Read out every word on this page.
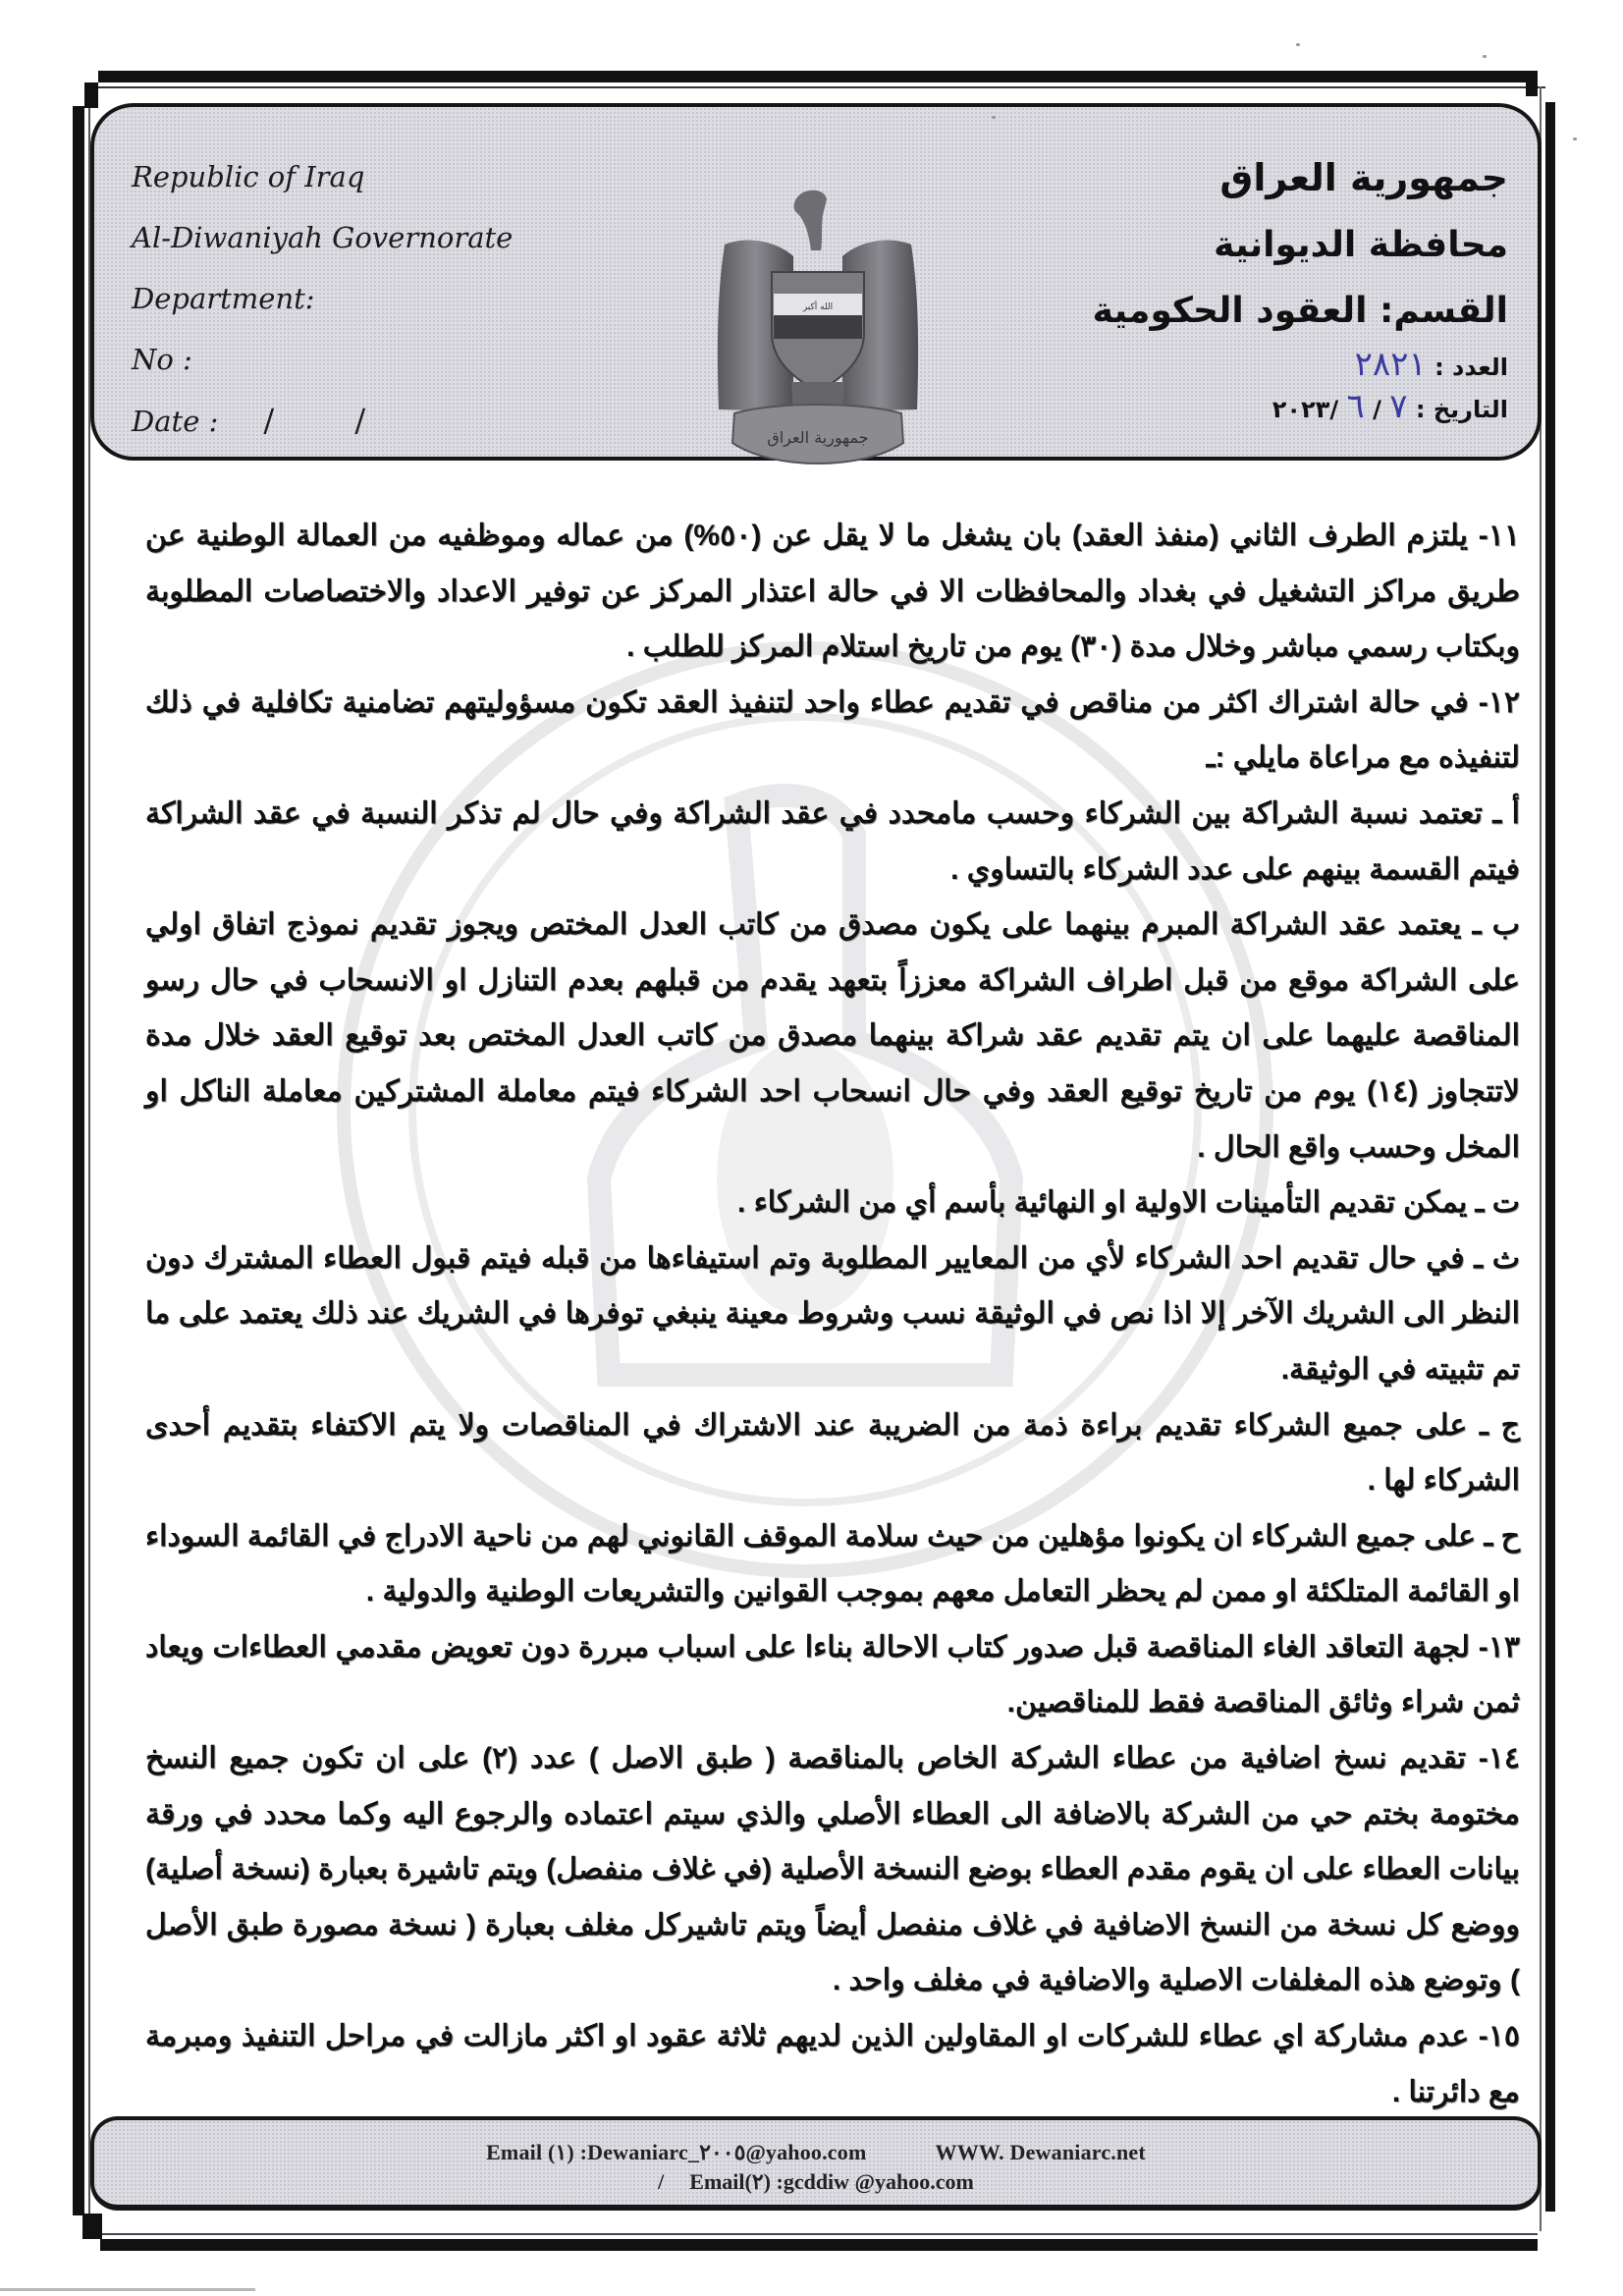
Republic of Iraq
Al-Diwaniyah Governorate
Department:
No :
Date : / /
الله أكبر
جمهورية العراق
جمهورية العراق
محافظة الديوانية
القسم: العقود الحكومية
العدد : ٢٨٢١
التاريخ : ٧ / ٦ /٢٠٢٣

١١- يلتزم الطرف الثاني (منفذ العقد) بان يشغل ما لا يقل عن (٥٠%) من عماله وموظفيه من العمالة الوطنية عن طريق مراكز التشغيل في بغداد والمحافظات الا في حالة اعتذار المركز عن توفير الاعداد والاختصاصات المطلوبة وبكتاب رسمي مباشر وخلال مدة (٣٠) يوم من تاريخ استلام المركز للطلب .

١٢- في حالة اشتراك اكثر من مناقص في تقديم عطاء واحد لتنفيذ العقد تكون مسؤوليتهم تضامنية تكافلية في ذلك لتنفيذه مع مراعاة مايلي :ـ

أ ـ تعتمد نسبة الشراكة بين الشركاء وحسب مامحدد في عقد الشراكة وفي حال لم تذكر النسبة في عقد الشراكة فيتم القسمة بينهم على عدد الشركاء بالتساوي .

ب ـ يعتمد عقد الشراكة المبرم بينهما على يكون مصدق من كاتب العدل المختص ويجوز تقديم نموذج اتفاق اولي على الشراكة موقع من قبل اطراف الشراكة معززاً بتعهد يقدم من قبلهم بعدم التنازل او الانسحاب في حال رسو المناقصة عليهما على ان يتم تقديم عقد شراكة بينهما مصدق من كاتب العدل المختص بعد توقيع العقد خلال مدة لاتتجاوز (١٤) يوم من تاريخ توقيع العقد وفي حال انسحاب احد الشركاء فيتم معاملة المشتركين معاملة الناكل او المخل وحسب واقع الحال .

ت ـ يمكن تقديم التأمينات الاولية او النهائية بأسم أي من الشركاء .

ث ـ في حال تقديم احد الشركاء لأي من المعايير المطلوبة وتم استيفاءها من قبله فيتم قبول العطاء المشترك دون النظر الى الشريك الآخر إلا اذا نص في الوثيقة نسب وشروط معينة ينبغي توفرها في الشريك عند ذلك يعتمد على ما تم تثبيته في الوثيقة.

ج ـ على جميع الشركاء تقديم براءة ذمة من الضريبة عند الاشتراك في المناقصات ولا يتم الاكتفاء بتقديم أحدى الشركاء لها .

ح ـ على جميع الشركاء ان يكونوا مؤهلين من حيث سلامة الموقف القانوني لهم من ناحية الادراج في القائمة السوداء او القائمة المتلكئة او ممن لم يحظر التعامل معهم بموجب القوانين والتشريعات الوطنية والدولية .

١٣- لجهة التعاقد الغاء المناقصة قبل صدور كتاب الاحالة بناءا على اسباب مبررة دون تعويض مقدمي العطاءات ويعاد ثمن شراء وثائق المناقصة فقط للمناقصين.

١٤- تقديم نسخ اضافية من عطاء الشركة الخاص بالمناقصة ( طبق الاصل ) عدد (٢) على ان تكون جميع النسخ مختومة بختم حي من الشركة بالاضافة الى العطاء الأصلي والذي سيتم اعتماده والرجوع اليه وكما محدد في ورقة بيانات العطاء على ان يقوم مقدم العطاء بوضع النسخة الأصلية (في غلاف منفصل) ويتم تاشيرة بعبارة (نسخة أصلية) ووضع كل نسخة من النسخ الاضافية في غلاف منفصل أيضاً ويتم تاشيركل مغلف بعبارة ( نسخة مصورة طبق الأصل ) وتوضع هذه المغلفات الاصلية والاضافية في مغلف واحد .

١٥- عدم مشاركة اي عطاء للشركات او المقاولين الذين لديهم ثلاثة عقود او اكثر مازالت في مراحل التنفيذ ومبرمة مع دائرتنا .

Email (١) :Dewaniarc_٢٠٠٥@yahoo.com	WWW. Dewaniarc.net
/ Email(٢) :gcddiw @yahoo.com
